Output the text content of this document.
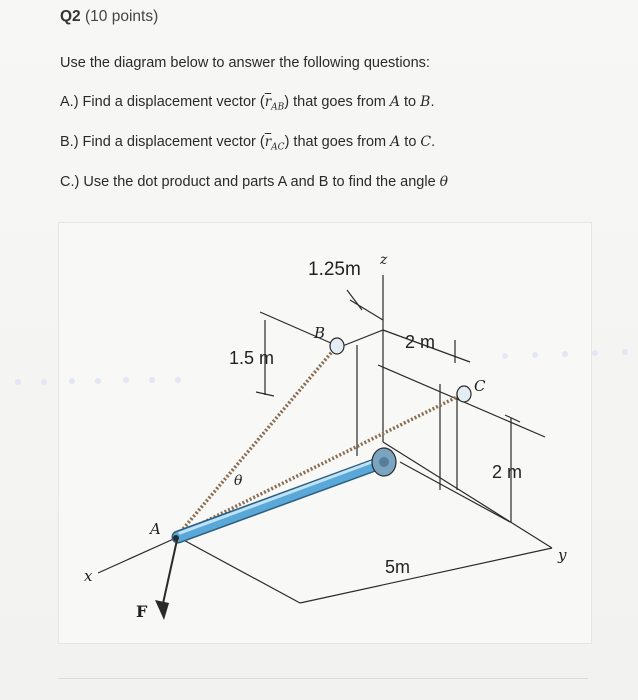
Q2 (10 points)
Use the diagram below to answer the following questions:
A.) Find a displacement vector $(\overline{r}_{AB})$ that goes from A to B.
B.) Find a displacement vector $(\overline{r}_{AC})$ that goes from A to C.
C.) Use the dot product and parts A and B to find the angle θ
1.25m
1.5 m
2 m
2 m
5m
B
C
A
F
x
y
z
θ
